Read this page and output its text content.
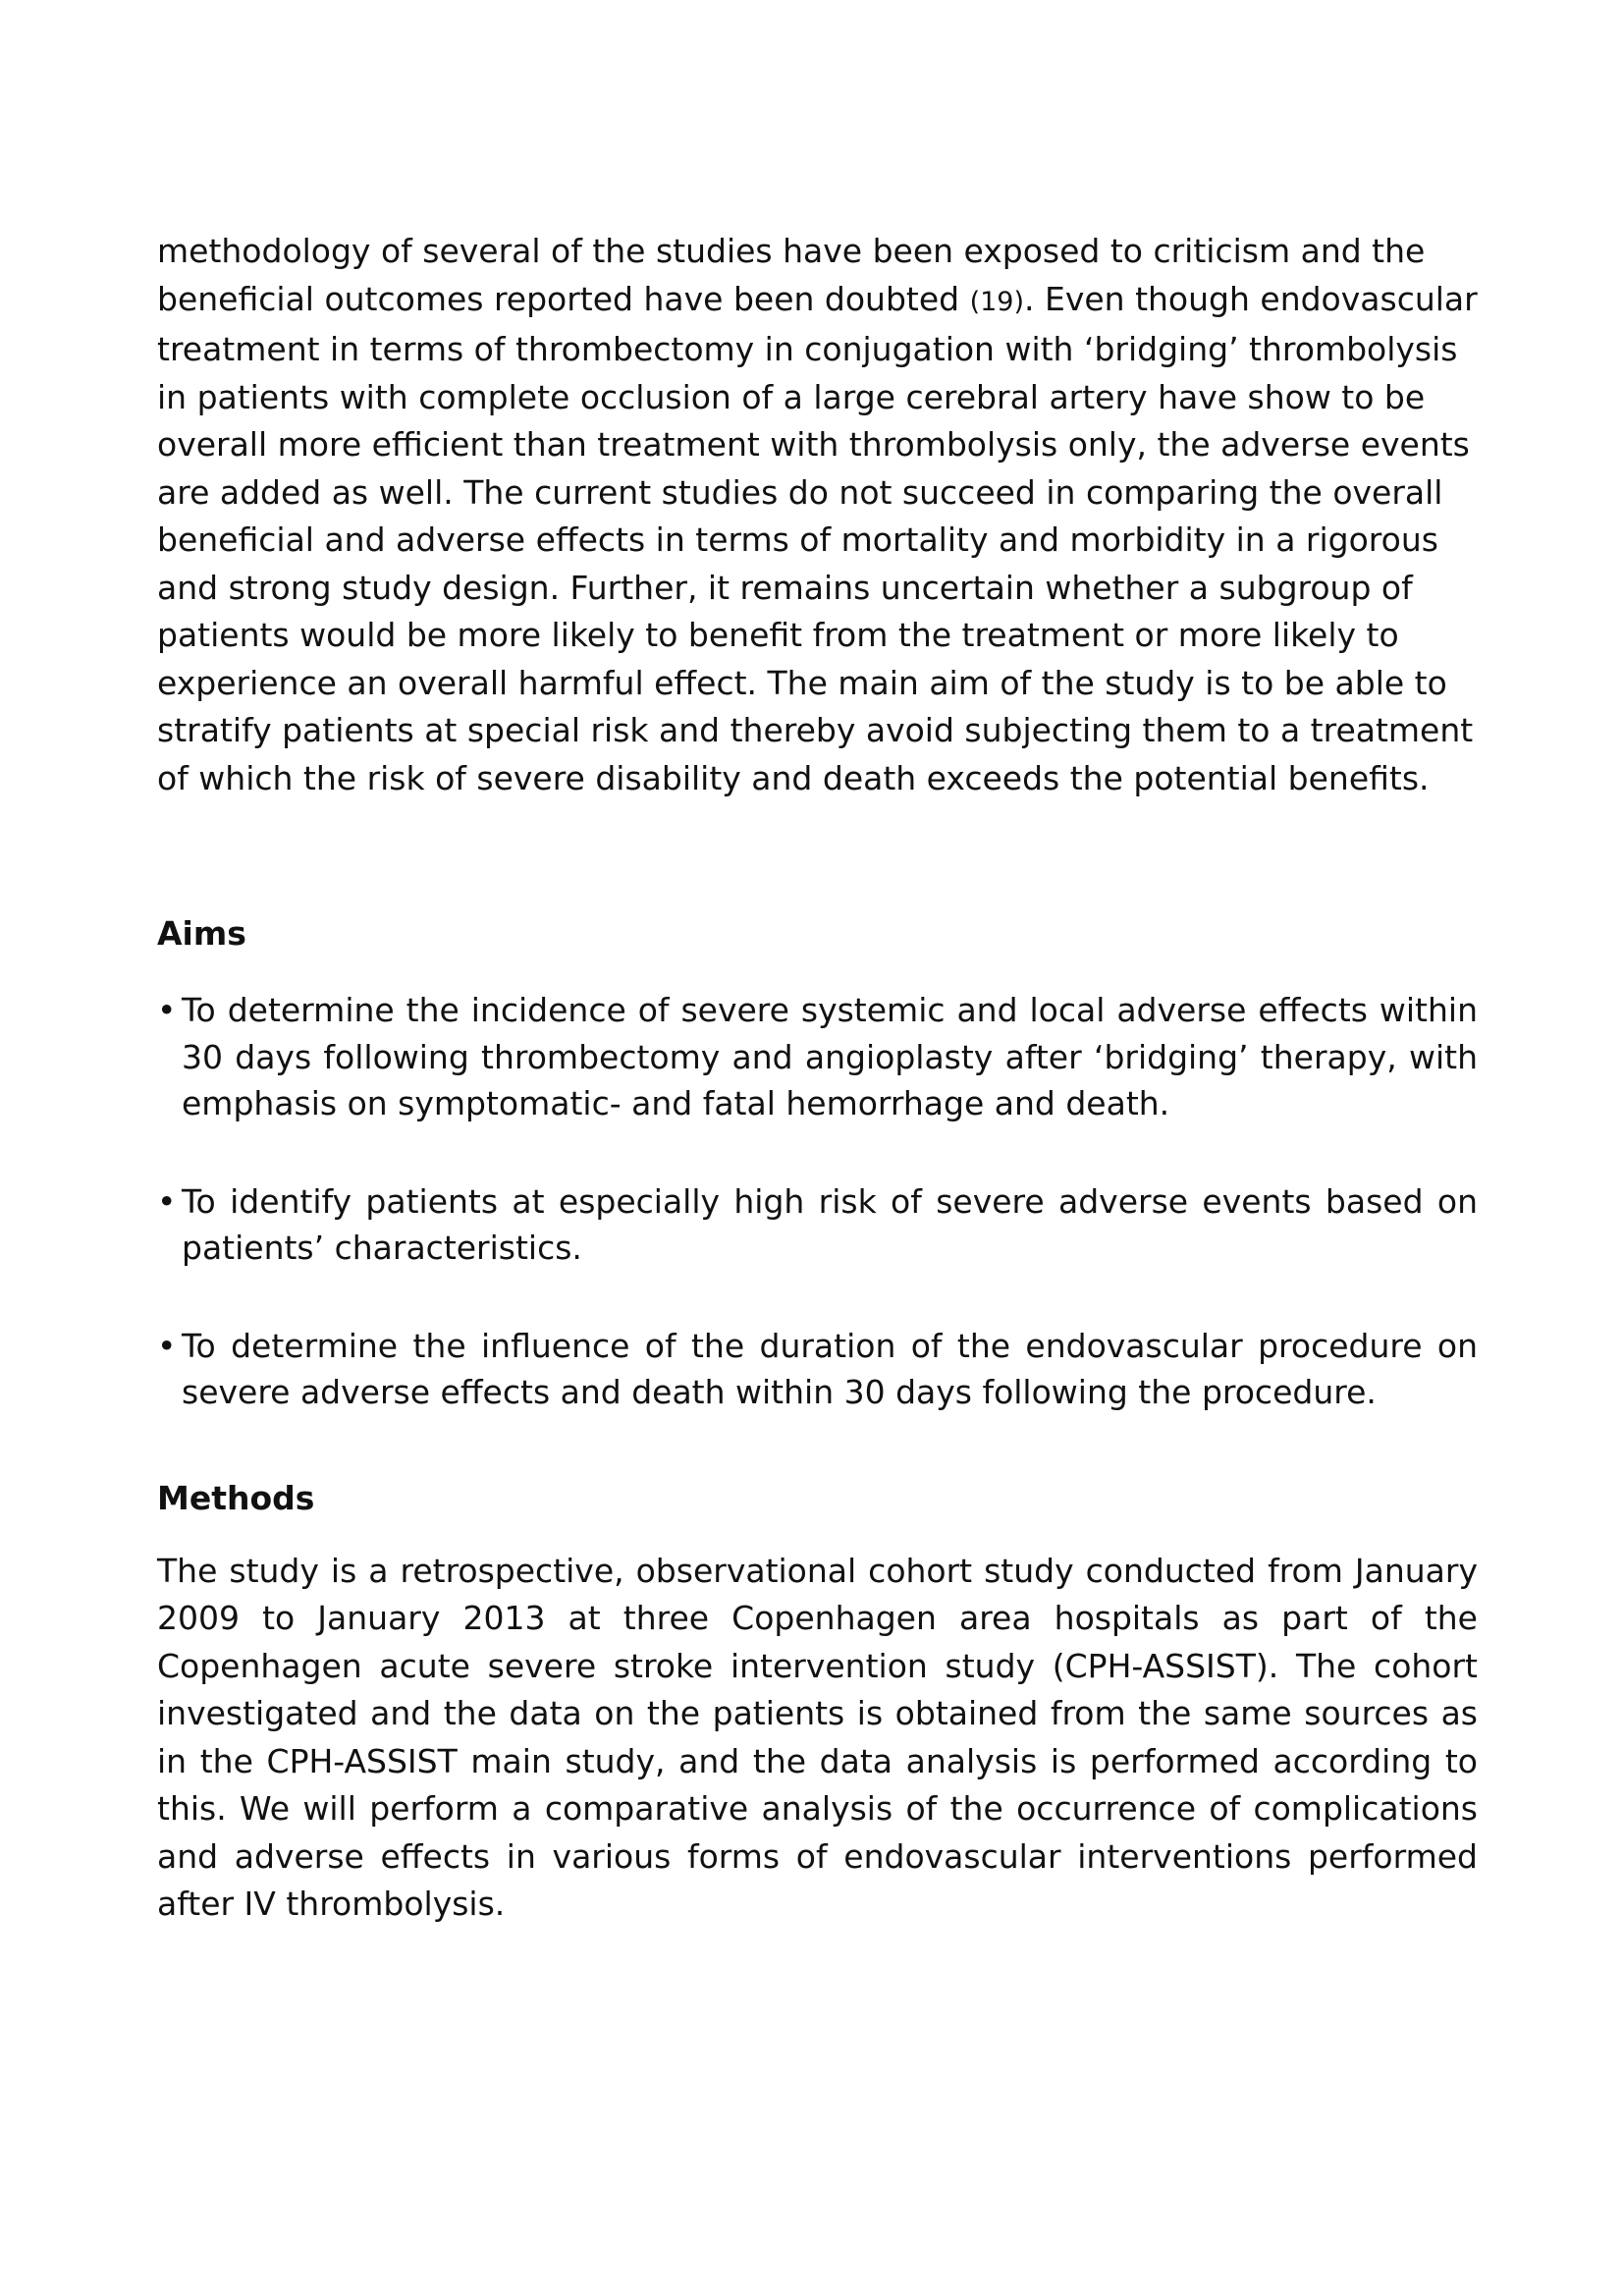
methodology of several of the studies have been exposed to criticism and the beneficial outcomes reported have been doubted (19). Even though endovascular treatment in terms of thrombectomy in conjugation with ‘bridging’ thrombolysis in patients with complete occlusion of a large cerebral artery have show to be overall more efficient than treatment with thrombolysis only, the adverse events are added as well. The current studies do not succeed in comparing the overall beneficial and adverse effects in terms of mortality and morbidity in a rigorous and strong study design. Further, it remains uncertain whether a subgroup of patients would be more likely to benefit from the treatment or more likely to experience an overall harmful effect. The main aim of the study is to be able to stratify patients at special risk and thereby avoid subjecting them to a treatment of which the risk of severe disability and death exceeds the potential benefits.

Aims
• To determine the incidence of severe systemic and local adverse effects within 30 days following thrombectomy and angioplasty after ‘bridging’ therapy, with emphasis on symptomatic- and fatal hemorrhage and death.
• To identify patients at especially high risk of severe adverse events based on patients’ characteristics.
• To determine the influence of the duration of the endovascular procedure on severe adverse effects and death within 30 days following the procedure.
Methods

The study is a retrospective, observational cohort study conducted from January 2009 to January 2013 at three Copenhagen area hospitals as part of the Copenhagen acute severe stroke intervention study (CPH-ASSIST). The cohort investigated and the data on the patients is obtained from the same sources as in the CPH-ASSIST main study, and the data analysis is performed according to this. We will perform a comparative analysis of the occurrence of complications and adverse effects in various forms of endovascular interventions performed after IV thrombolysis.
